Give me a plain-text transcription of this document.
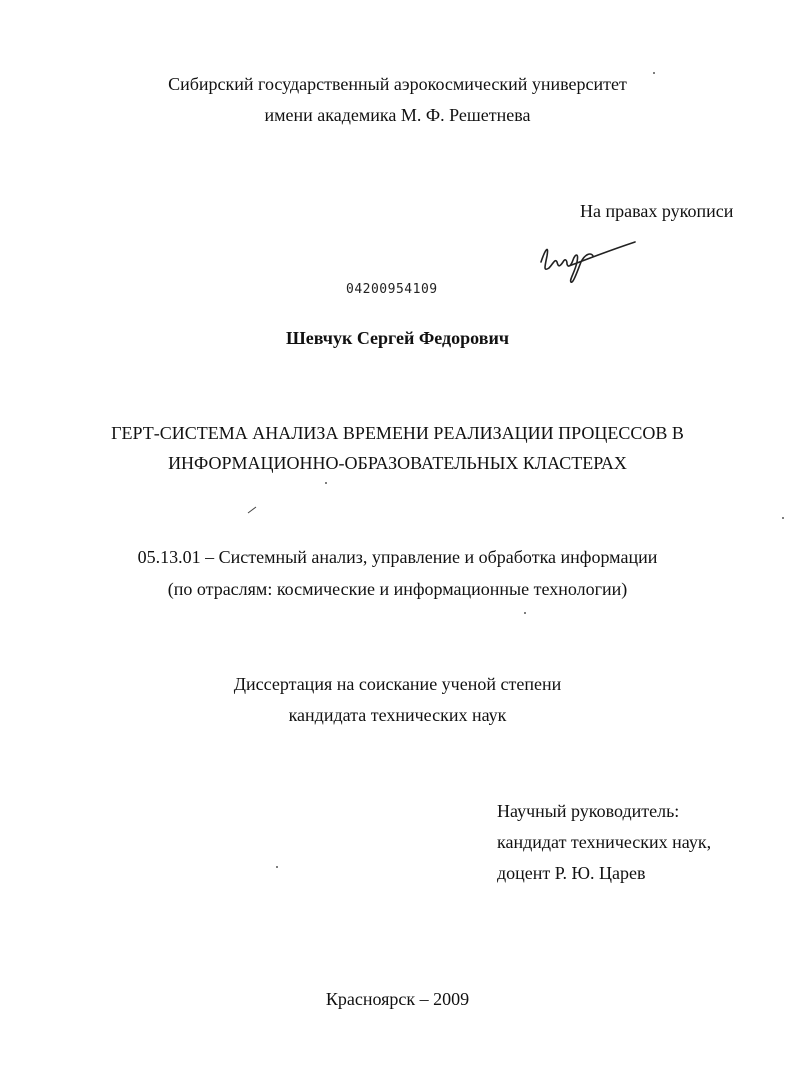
Сибирский государственный аэрокосмический университет
имени академика М. Ф. Решетнева
На правах рукописи
04200954109
Шевчук Сергей Федорович
ГЕРТ-СИСТЕМА АНАЛИЗА ВРЕМЕНИ РЕАЛИЗАЦИИ ПРОЦЕССОВ В
ИНФОРМАЦИОННО-ОБРАЗОВАТЕЛЬНЫХ КЛАСТЕРАХ
05.13.01 – Системный анализ, управление и обработка информации
(по отраслям: космические и информационные технологии)
Диссертация на соискание ученой степени
кандидата технических наук
Научный руководитель:
кандидат технических наук,
доцент Р. Ю. Царев
Красноярск – 2009
